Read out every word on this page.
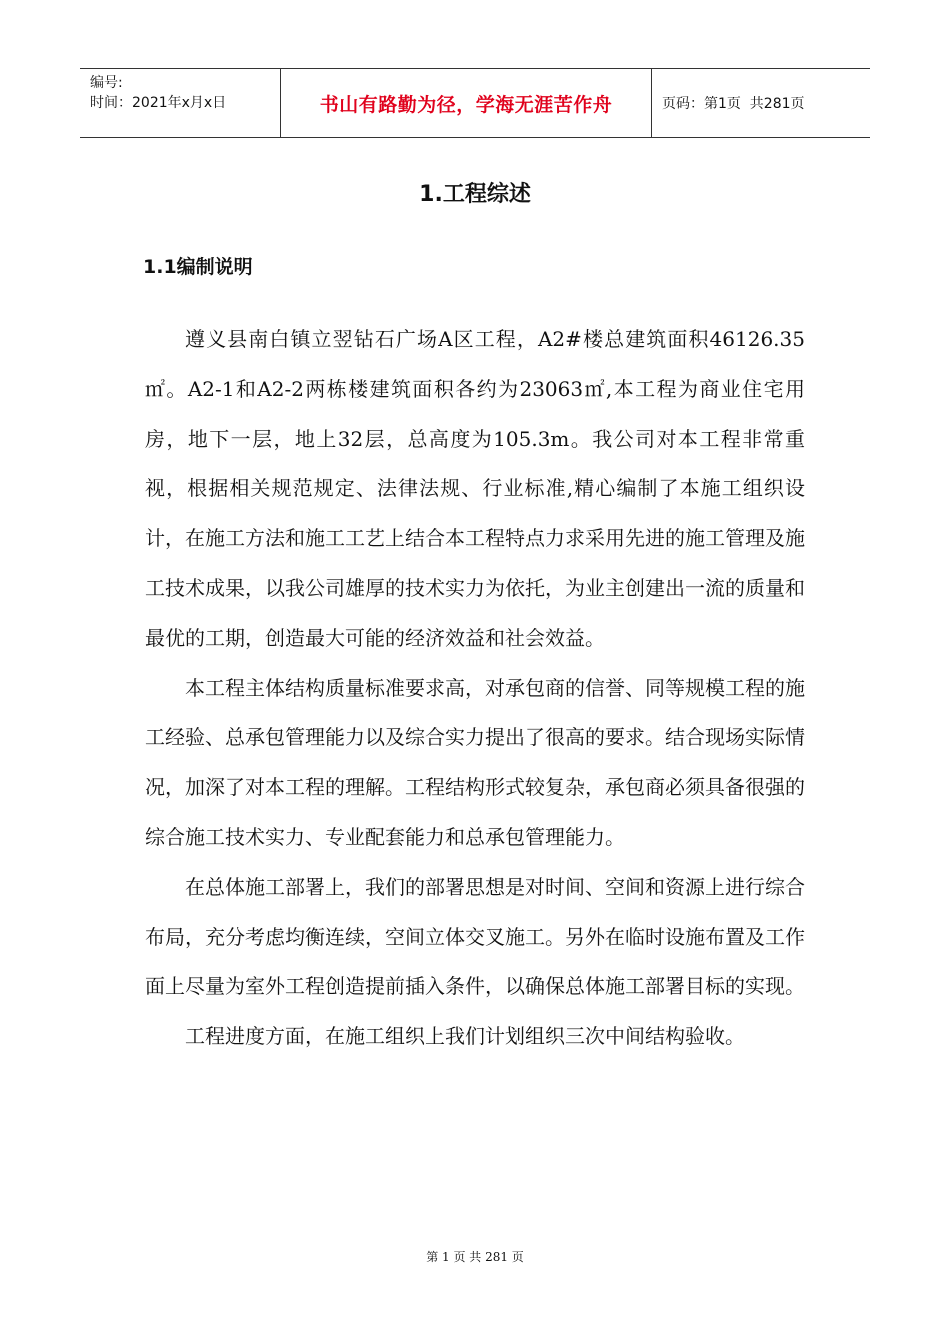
编号:
时间：2021年x月x日	书山有路勤为径，学海无涯苦作舟	页码：第1页  共281页
1.工程综述
1.1编制说明

遵义县南白镇立翌钻石广场A区工程，A2#楼总建筑面积46126.35㎡。A2-1和A2-2两栋楼建筑面积各约为23063㎡,本工程为商业住宅用房，地下一层，地上32层，总高度为105.3m。我公司对本工程非常重视，根据相关规范规定、法律法规、行业标准,精心编制了本施工组织设计，在施工方法和施工工艺上结合本工程特点力求采用先进的施工管理及施工技术成果，以我公司雄厚的技术实力为依托，为业主创建出一流的质量和最优的工期，创造最大可能的经济效益和社会效益。

本工程主体结构质量标准要求高，对承包商的信誉、同等规模工程的施工经验、总承包管理能力以及综合实力提出了很高的要求。结合现场实际情况，加深了对本工程的理解。工程结构形式较复杂，承包商必须具备很强的综合施工技术实力、专业配套能力和总承包管理能力。

在总体施工部署上，我们的部署思想是对时间、空间和资源上进行综合布局，充分考虑均衡连续，空间立体交叉施工。另外在临时设施布置及工作面上尽量为室外工程创造提前插入条件，以确保总体施工部署目标的实现。

工程进度方面，在施工组织上我们计划组织三次中间结构验收。

第 1 页 共 281 页
